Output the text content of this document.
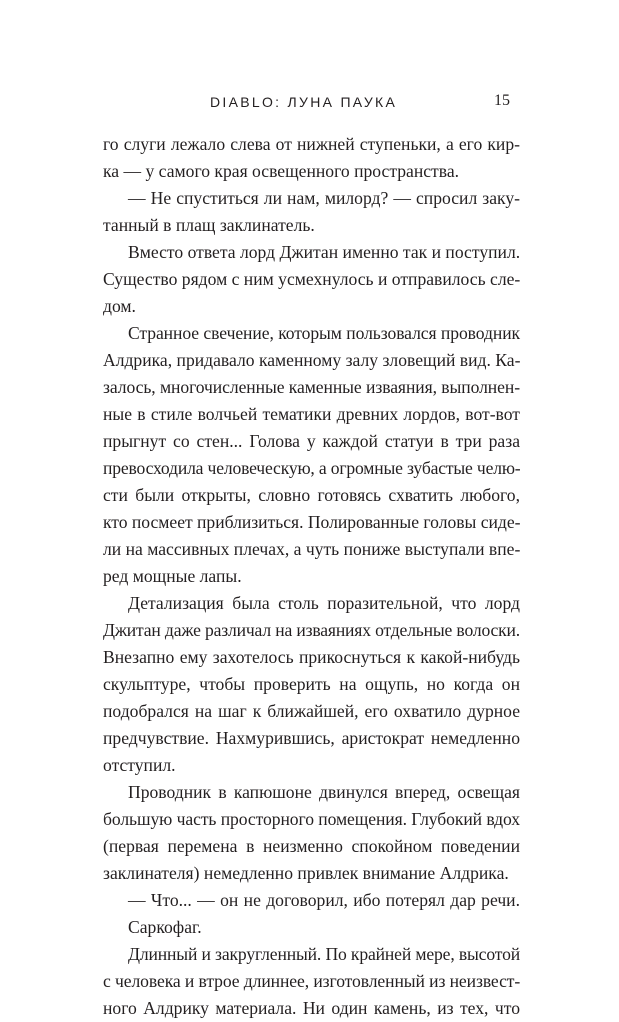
DIABLO: ЛУНА ПАУКА	15
го слуги лежало слева от нижней ступеньки, а его кир-
ка — у самого края освещенного пространства.
— Не спуститься ли нам, милорд? — спросил заку-
танный в плащ заклинатель.
Вместо ответа лорд Джитан именно так и поступил.
Существо рядом с ним усмехнулось и отправилось сле-
дом.
Странное свечение, которым пользовался проводник
Алдрика, придавало каменному залу зловещий вид. Ка-
залось, многочисленные каменные изваяния, выполнен-
ные в стиле волчьей тематики древних лордов, вот-вот
прыгнут со стен... Голова у каждой статуи в три раза
превосходила человеческую, а огромные зубастые челю-
сти были открыты, словно готовясь схватить любого,
кто посмеет приблизиться. Полированные головы сиде-
ли на массивных плечах, а чуть пониже выступали впе-
ред мощные лапы.
Детализация была столь поразительной, что лорд
Джитан даже различал на изваяниях отдельные волоски.
Внезапно ему захотелось прикоснуться к какой-нибудь
скульптуре, чтобы проверить на ощупь, но когда он
подобрался на шаг к ближайшей, его охватило дурное
предчувствие. Нахмурившись, аристократ немедленно
отступил.
Проводник в капюшоне двинулся вперед, освещая
большую часть просторного помещения. Глубокий вдох
(первая перемена в неизменно спокойном поведении
заклинателя) немедленно привлек внимание Алдрика.
— Что... — он не договорил, ибо потерял дар речи.
Саркофаг.
Длинный и закругленный. По крайней мере, высотой
с человека и втрое длиннее, изготовленный из неизвест-
ного Алдрику материала. Ни один камень, из тех, что
